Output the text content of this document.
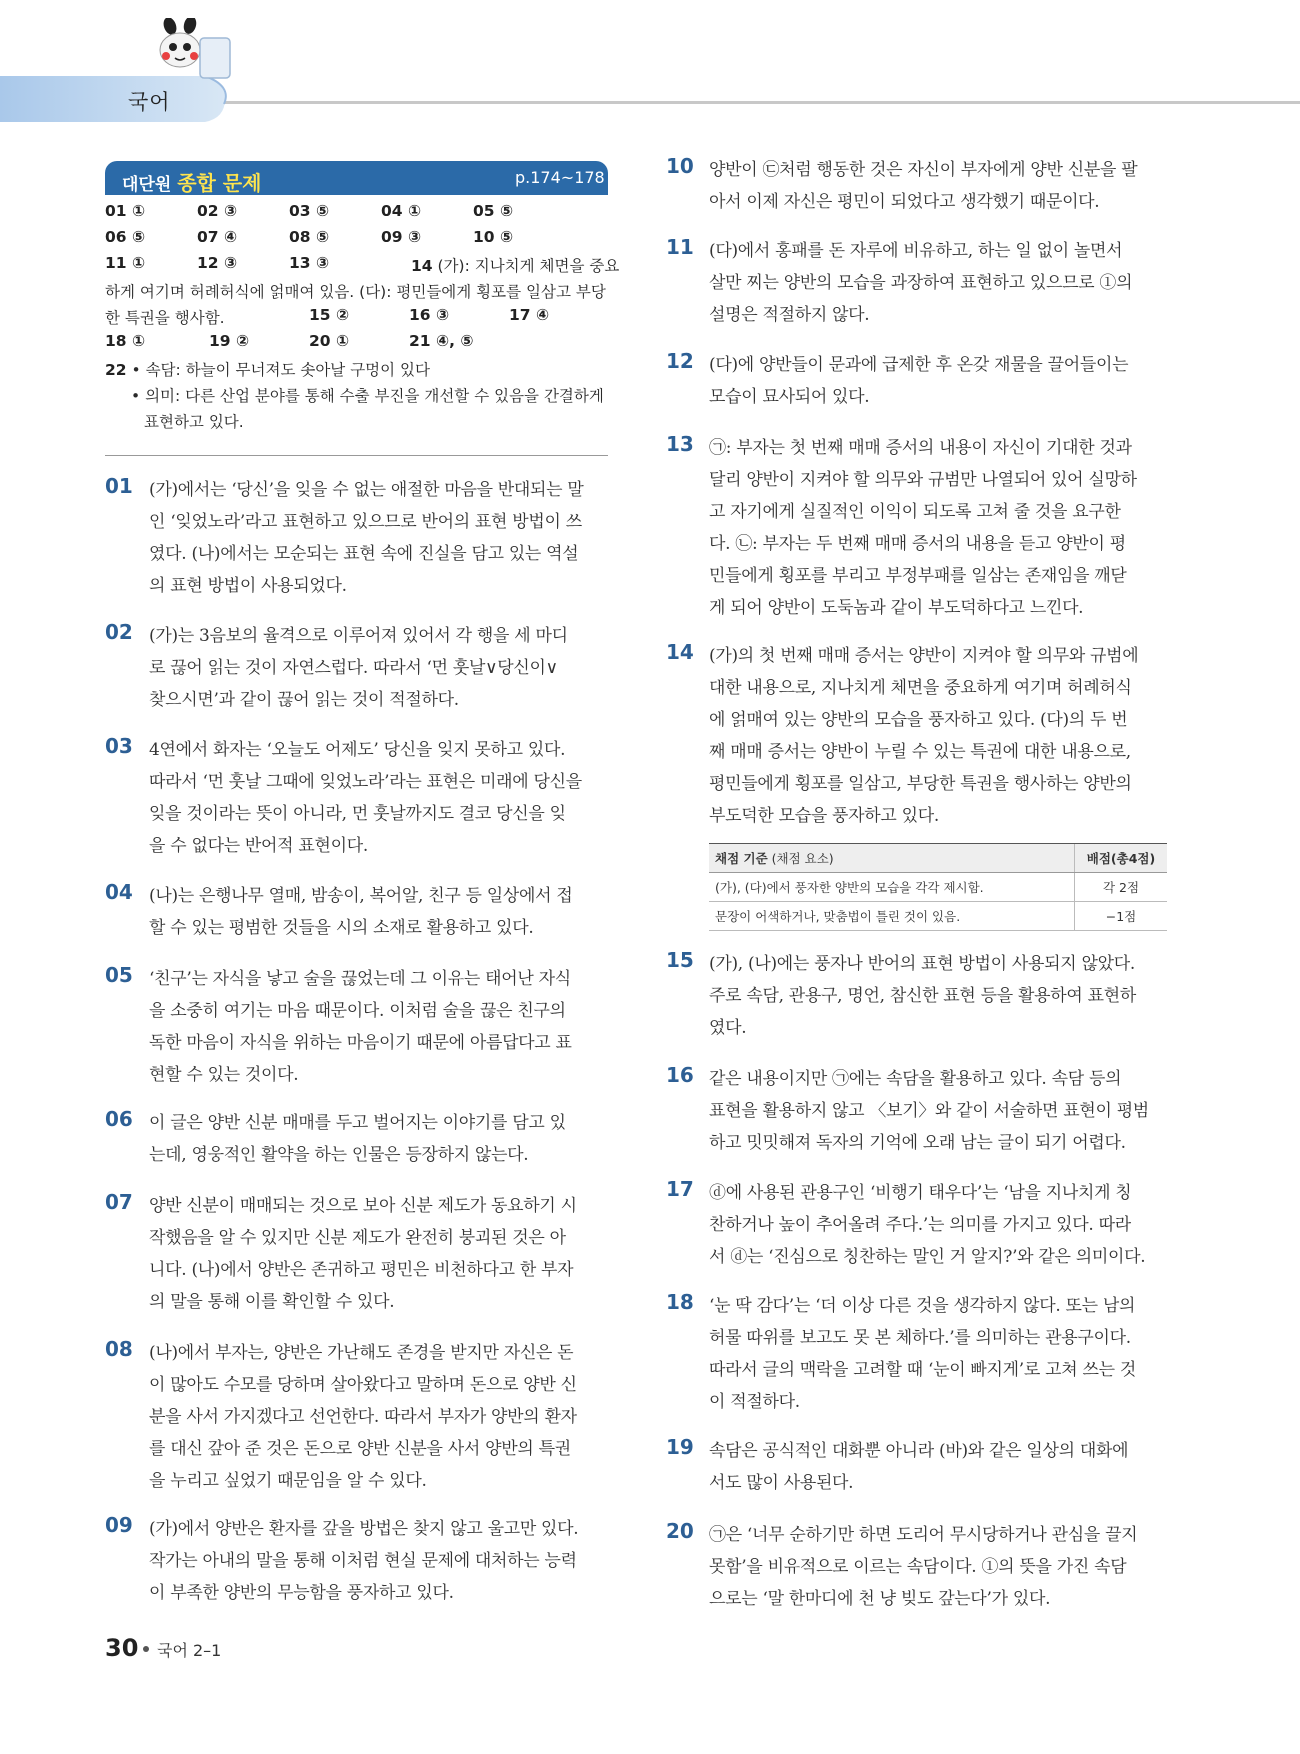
국어
대단원 종합 문제	p.174~178
01 ①	02 ③	03 ⑤	04 ①	05 ⑤
06 ⑤	07 ④	08 ⑤	09 ③	10 ⑤
11 ①	12 ③	13 ③	14 (가): 지나치게 체면을 중요
하게 여기며 허례허식에 얽매여 있음. (다): 평민들에게 횡포를 일삼고 부당
한 특권을 행사함.	15 ②	16 ③	17 ④
18 ①	19 ②	20 ①	21 ④, ⑤
22 • 속담: 하늘이 무너져도 솟아날 구멍이 있다
• 의미: 다른 산업 분야를 통해 수출 부진을 개선할 수 있음을 간결하게
표현하고 있다.
01 (가)에서는 ‘당신’을 잊을 수 없는 애절한 마음을 반대되는 말
인 ‘잊었노라’라고 표현하고 있으므로 반어의 표현 방법이 쓰
였다. (나)에서는 모순되는 표현 속에 진실을 담고 있는 역설
의 표현 방법이 사용되었다.
02 (가)는 3음보의 율격으로 이루어져 있어서 각 행을 세 마디
로 끊어 읽는 것이 자연스럽다. 따라서 ‘먼 훗날∨당신이∨
찾으시면’과 같이 끊어 읽는 것이 적절하다.
03 4연에서 화자는 ‘오늘도 어제도’ 당신을 잊지 못하고 있다.
따라서 ‘먼 훗날 그때에 잊었노라’라는 표현은 미래에 당신을
잊을 것이라는 뜻이 아니라, 먼 훗날까지도 결코 당신을 잊
을 수 없다는 반어적 표현이다.
04 (나)는 은행나무 열매, 밤송이, 복어알, 친구 등 일상에서 접
할 수 있는 평범한 것들을 시의 소재로 활용하고 있다.
05 ‘친구’는 자식을 낳고 술을 끊었는데 그 이유는 태어난 자식
을 소중히 여기는 마음 때문이다. 이처럼 술을 끊은 친구의
독한 마음이 자식을 위하는 마음이기 때문에 아름답다고 표
현할 수 있는 것이다.
06 이 글은 양반 신분 매매를 두고 벌어지는 이야기를 담고 있
는데, 영웅적인 활약을 하는 인물은 등장하지 않는다.
07 양반 신분이 매매되는 것으로 보아 신분 제도가 동요하기 시
작했음을 알 수 있지만 신분 제도가 완전히 붕괴된 것은 아
니다. (나)에서 양반은 존귀하고 평민은 비천하다고 한 부자
의 말을 통해 이를 확인할 수 있다.
08 (나)에서 부자는, 양반은 가난해도 존경을 받지만 자신은 돈
이 많아도 수모를 당하며 살아왔다고 말하며 돈으로 양반 신
분을 사서 가지겠다고 선언한다. 따라서 부자가 양반의 환자
를 대신 갚아 준 것은 돈으로 양반 신분을 사서 양반의 특권
을 누리고 싶었기 때문임을 알 수 있다.
09 (가)에서 양반은 환자를 갚을 방법은 찾지 않고 울고만 있다.
작가는 아내의 말을 통해 이처럼 현실 문제에 대처하는 능력
이 부족한 양반의 무능함을 풍자하고 있다.
10 양반이 ㉢처럼 행동한 것은 자신이 부자에게 양반 신분을 팔
아서 이제 자신은 평민이 되었다고 생각했기 때문이다.
11 (다)에서 홍패를 돈 자루에 비유하고, 하는 일 없이 놀면서
살만 찌는 양반의 모습을 과장하여 표현하고 있으므로 ①의
설명은 적절하지 않다.
12 (다)에 양반들이 문과에 급제한 후 온갖 재물을 끌어들이는
모습이 묘사되어 있다.
13 ㉠: 부자는 첫 번째 매매 증서의 내용이 자신이 기대한 것과
달리 양반이 지켜야 할 의무와 규범만 나열되어 있어 실망하
고 자기에게 실질적인 이익이 되도록 고쳐 줄 것을 요구한
다. ㉡: 부자는 두 번째 매매 증서의 내용을 듣고 양반이 평
민들에게 횡포를 부리고 부정부패를 일삼는 존재임을 깨닫
게 되어 양반이 도둑놈과 같이 부도덕하다고 느낀다.
14 (가)의 첫 번째 매매 증서는 양반이 지켜야 할 의무와 규범에
대한 내용으로, 지나치게 체면을 중요하게 여기며 허례허식
에 얽매여 있는 양반의 모습을 풍자하고 있다. (다)의 두 번
째 매매 증서는 양반이 누릴 수 있는 특권에 대한 내용으로,
평민들에게 횡포를 일삼고, 부당한 특권을 행사하는 양반의
부도덕한 모습을 풍자하고 있다.
채점 기준 (채점 요소)	배점(총4점)
(가), (다)에서 풍자한 양반의 모습을 각각 제시함.	각 2점
문장이 어색하거나, 맞춤법이 틀린 것이 있음.	−1점
15 (가), (나)에는 풍자나 반어의 표현 방법이 사용되지 않았다.
주로 속담, 관용구, 명언, 참신한 표현 등을 활용하여 표현하
였다.
16 같은 내용이지만 ㉠에는 속담을 활용하고 있다. 속담 등의
표현을 활용하지 않고 〈보기〉와 같이 서술하면 표현이 평범
하고 밋밋해져 독자의 기억에 오래 남는 글이 되기 어렵다.
17 ⓓ에 사용된 관용구인 ‘비행기 태우다’는 ‘남을 지나치게 칭
찬하거나 높이 추어올려 주다.’는 의미를 가지고 있다. 따라
서 ⓓ는 ‘진심으로 칭찬하는 말인 거 알지?’와 같은 의미이다.
18 ‘눈 딱 감다’는 ‘더 이상 다른 것을 생각하지 않다. 또는 남의
허물 따위를 보고도 못 본 체하다.’를 의미하는 관용구이다.
따라서 글의 맥락을 고려할 때 ‘눈이 빠지게’로 고쳐 쓰는 것
이 적절하다.
19 속담은 공식적인 대화뿐 아니라 (바)와 같은 일상의 대화에
서도 많이 사용된다.
20 ㉠은 ‘너무 순하기만 하면 도리어 무시당하거나 관심을 끌지
못함’을 비유적으로 이르는 속담이다. ①의 뜻을 가진 속담
으로는 ‘말 한마디에 천 냥 빚도 갚는다’가 있다.
30 국어 2–1
